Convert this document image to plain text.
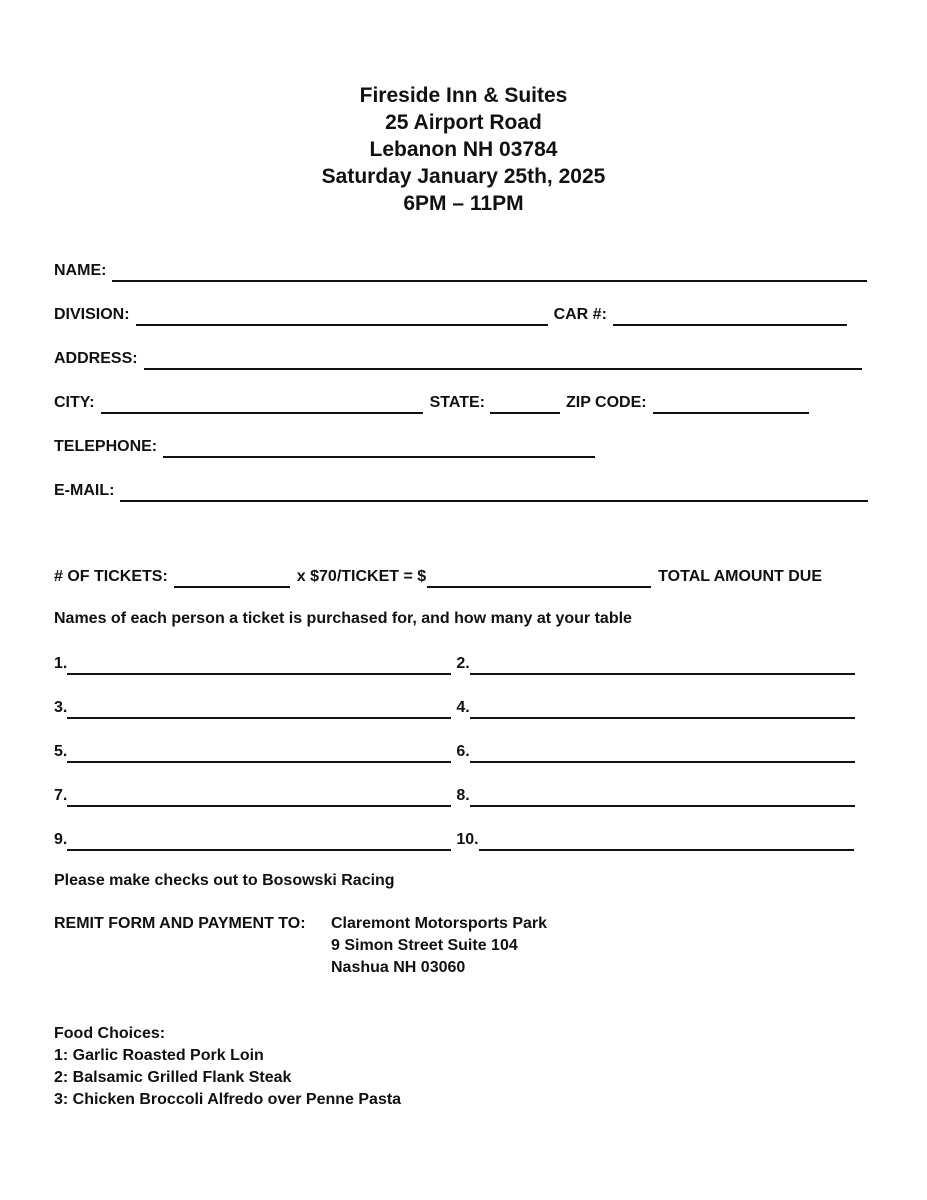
Fireside Inn & Suites
25 Airport Road
Lebanon NH 03784
Saturday January 25th, 2025
6PM – 11PM
NAME:
DIVISION:	CAR #:
ADDRESS:
CITY:	STATE:	ZIP CODE:
TELEPHONE:
E-MAIL:
# OF TICKETS:	x $70/TICKET = $	TOTAL AMOUNT DUE
Names of each person a ticket is purchased for, and how many at your table
1.	2.
3.	4.
5.	6.
7.	8.
9.	10.
Please make checks out to Bosowski Racing
REMIT FORM AND PAYMENT TO: Claremont Motorsports Park
9 Simon Street Suite 104
Nashua NH 03060
Food Choices:
1: Garlic Roasted Pork Loin
2: Balsamic Grilled Flank Steak
3: Chicken Broccoli Alfredo over Penne Pasta
